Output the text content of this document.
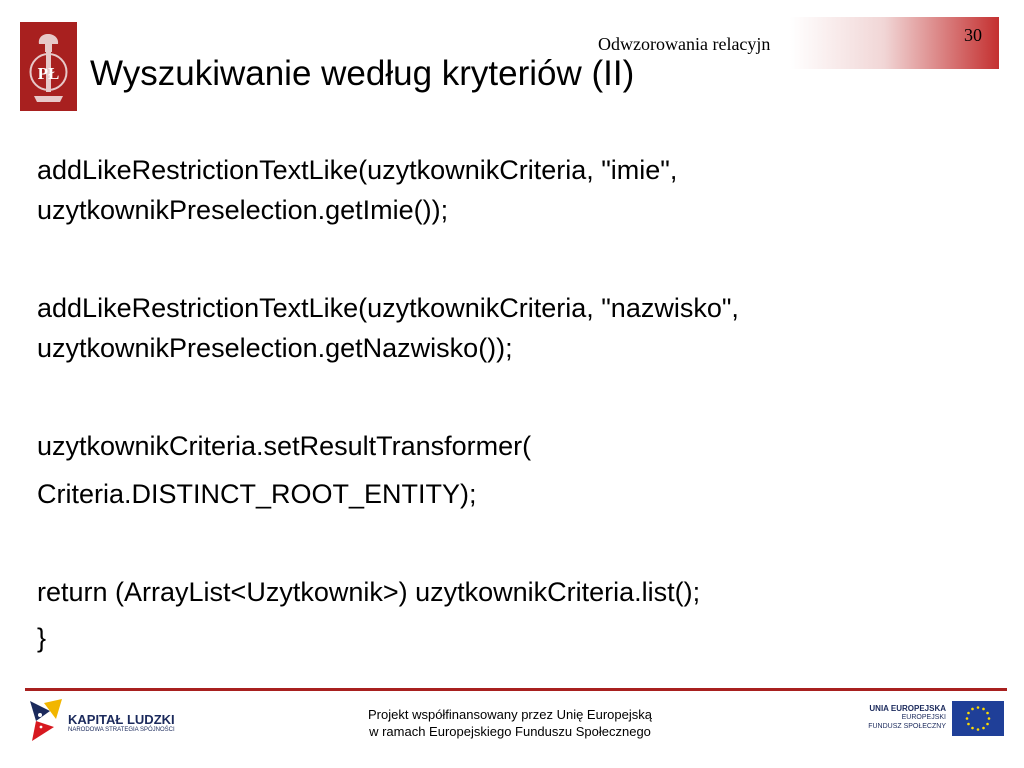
PŁ
30
Odwzorowania relacyjn
Wyszukiwanie według kryteriów (II)

addLikeRestrictionTextLike(uzytkownikCriteria, "imie",
uzytkownikPreselection.getImie());

addLikeRestrictionTextLike(uzytkownikCriteria, "nazwisko",
uzytkownikPreselection.getNazwisko());

uzytkownikCriteria.setResultTransformer(
Criteria.DISTINCT_ROOT_ENTITY);

return (ArrayList<Uzytkownik>) uzytkownikCriteria.list();

}

KAPITAŁ LUDZKI
NARODOWA STRATEGIA SPÓJNOŚCI
Projekt współfinansowany przez Unię Europejską
w ramach Europejskiego Funduszu Społecznego
UNIA EUROPEJSKA
EUROPEJSKI
FUNDUSZ SPOŁECZNY
